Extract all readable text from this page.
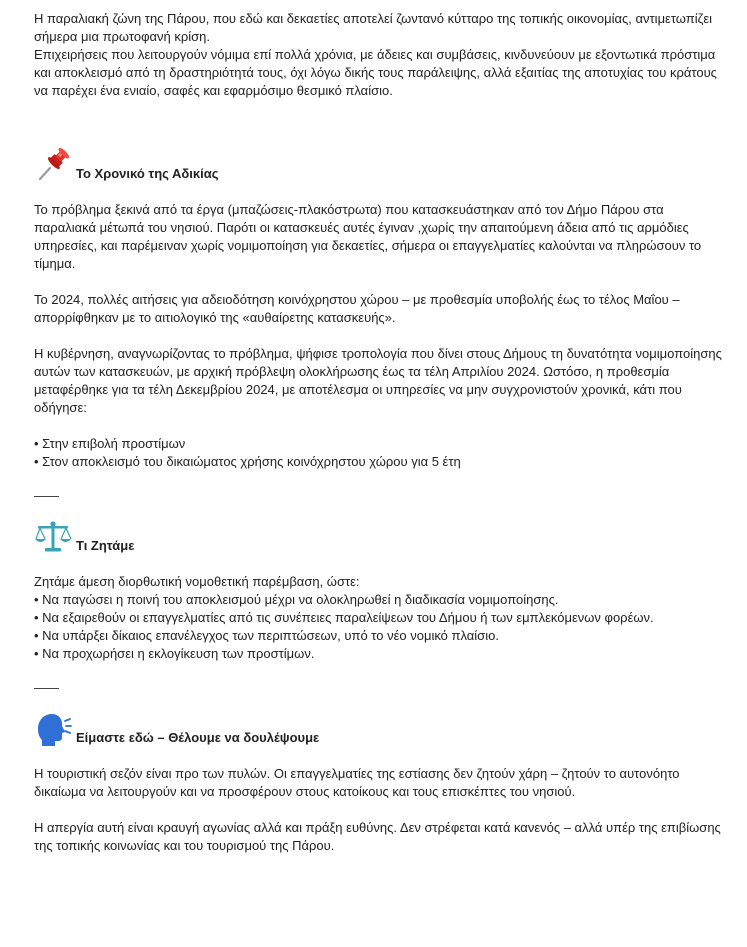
Η παραλιακή ζώνη της Πάρου, που εδώ και δεκαετίες αποτελεί ζωντανό κύτταρο της τοπικής οικονομίας, αντιμετωπίζει σήμερα μια πρωτοφανή κρίση.

Επιχειρήσεις που λειτουργούν νόμιμα επί πολλά χρόνια, με άδειες και συμβάσεις, κινδυνεύουν με εξοντωτικά πρόστιμα και αποκλεισμό από τη δραστηριότητά τους, όχι λόγω δικής τους παράλειψης, αλλά εξαιτίας της αποτυχίας του κράτους να παρέχει ένα ενιαίο, σαφές και εφαρμόσιμο θεσμικό πλαίσιο.

Το Χρονικό της Αδικίας

Το πρόβλημα ξεκινά από τα έργα (μπαζώσεις-πλακόστρωτα) που κατασκευάστηκαν από τον Δήμο Πάρου στα παραλιακά μέτωπά του νησιού. Παρότι οι κατασκευές αυτές έγιναν ,χωρίς την απαιτούμενη άδεια από τις αρμόδιες υπηρεσίες, και παρέμειναν χωρίς νομιμοποίηση για δεκαετίες, σήμερα οι επαγγελματίες καλούνται να πληρώσουν το τίμημα.

Το 2024, πολλές αιτήσεις για αδειοδότηση κοινόχρηστου χώρου – με προθεσμία υποβολής έως το τέλος Μαΐου – απορρίφθηκαν με το αιτιολογικό της «αυθαίρετης κατασκευής».

Η κυβέρνηση, αναγνωρίζοντας το πρόβλημα, ψήφισε τροπολογία που δίνει στους Δήμους τη δυνατότητα νομιμοποίησης αυτών των κατασκευών, με αρχική πρόβλεψη ολοκλήρωσης έως τα τέλη Απριλίου 2024. Ωστόσο, η προθεσμία μεταφέρθηκε για τα τέλη Δεκεμβρίου 2024, με αποτέλεσμα οι υπηρεσίες να μην συγχρονιστούν χρονικά, κάτι που οδήγησε:

• Στην επιβολή προστίμων

• Στον αποκλεισμό του δικαιώματος χρήσης κοινόχρηστου χώρου για 5 έτη

Τι Ζητάμε

Ζητάμε άμεση διορθωτική νομοθετική παρέμβαση, ώστε:

• Να παγώσει η ποινή του αποκλεισμού μέχρι να ολοκληρωθεί η διαδικασία νομιμοποίησης.

• Να εξαιρεθούν οι επαγγελματίες από τις συνέπειες παραλείψεων του Δήμου ή των εμπλεκόμενων φορέων.

• Να υπάρξει δίκαιος επανέλεγχος των περιπτώσεων, υπό το νέο νομικό πλαίσιο.

• Να προχωρήσει η εκλογίκευση των προστίμων.

Είμαστε εδώ – Θέλουμε να δουλέψουμε

Η τουριστική σεζόν είναι προ των πυλών. Οι επαγγελματίες της εστίασης δεν ζητούν χάρη – ζητούν το αυτονόητο δικαίωμα να λειτουργούν και να προσφέρουν στους κατοίκους και τους επισκέπτες του νησιού.

Η απεργία αυτή είναι κραυγή αγωνίας αλλά και πράξη ευθύνης. Δεν στρέφεται κατά κανενός – αλλά υπέρ της επιβίωσης της τοπικής κοινωνίας και του τουρισμού της Πάρου.
